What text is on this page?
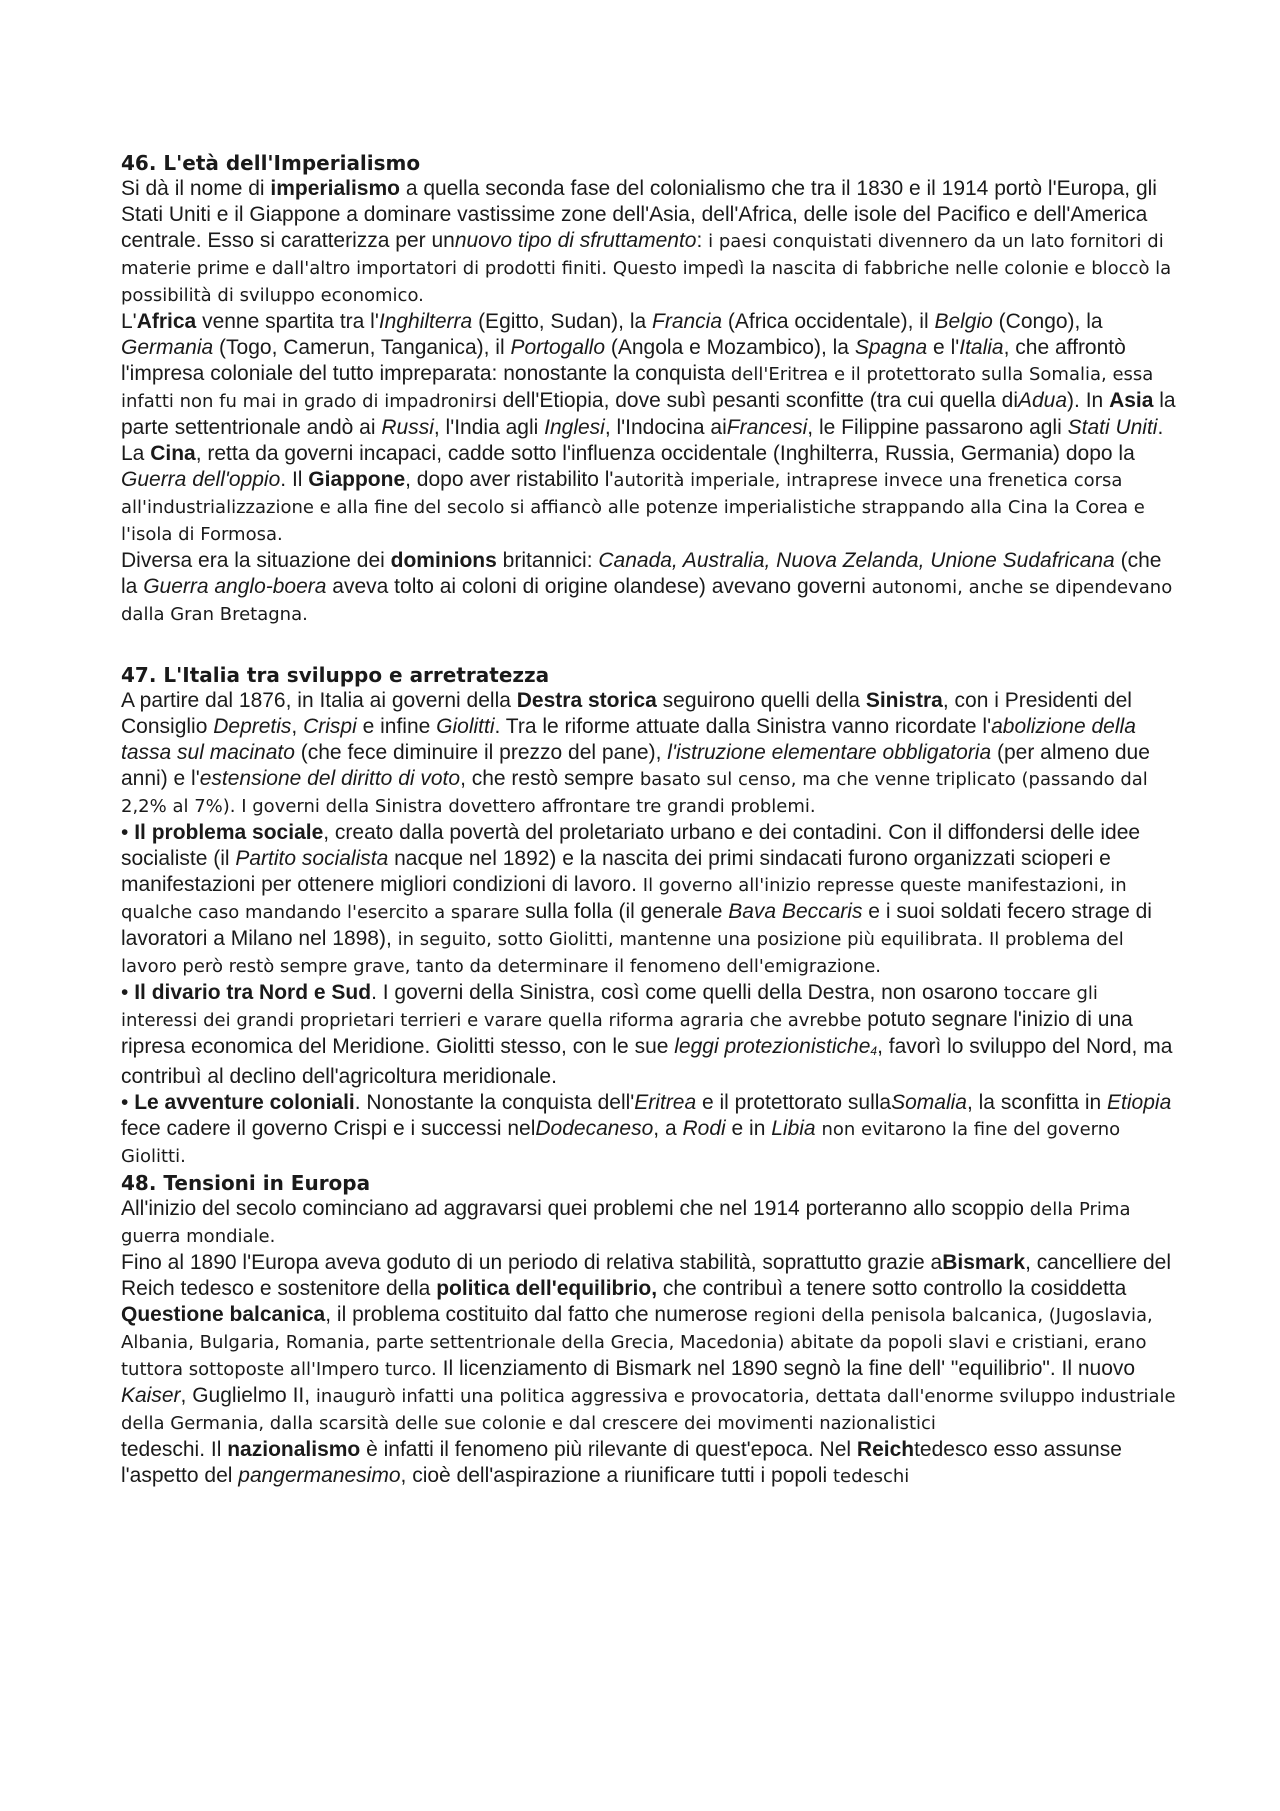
46. L'età dell'Imperialismo

Si dà il nome di imperialismo a quella seconda fase del colonialismo che tra il 1830 e il 1914 portò l'Europa, gli Stati Uniti e il Giappone a dominare vastissime zone dell'Asia, dell'Africa, delle isole del Pacifico e dell'America centrale. Esso si caratterizza per unnuovo tipo di sfruttamento: i paesi conquistati divennero da un lato fornitori di materie prime e dall'altro importatori di prodotti finiti. Questo impedì la nascita di fabbriche nelle colonie e bloccò la possibilità di sviluppo economico.

L'Africa venne spartita tra l'Inghilterra (Egitto, Sudan), la Francia (Africa occidentale), il Belgio (Congo), la Germania (Togo, Camerun, Tanganica), il Portogallo (Angola e Mozambico), la Spagna e l'Italia, che affrontò l'impresa coloniale del tutto impreparata: nonostante la conquista dell'Eritrea e il protettorato sulla Somalia, essa infatti non fu mai in grado di impadronirsi dell'Etiopia, dove subì pesanti sconfitte (tra cui quella diAdua). In Asia la parte settentrionale andò ai Russi, l'India agli Inglesi, l'Indocina aiFrancesi, le Filippine passarono agli Stati Uniti. La Cina, retta da governi incapaci, cadde sotto l'influenza occidentale (Inghilterra, Russia, Germania) dopo la Guerra dell'oppio. Il Giappone, dopo aver ristabilito l'autorità imperiale, intraprese invece una frenetica corsa all'industrializzazione e alla fine del secolo si affiancò alle potenze imperialistiche strappando alla Cina la Corea e l'isola di Formosa.

Diversa era la situazione dei dominions britannici: Canada, Australia, Nuova Zelanda, Unione Sudafricana (che la Guerra anglo-boera aveva tolto ai coloni di origine olandese) avevano governi autonomi, anche se dipendevano dalla Gran Bretagna.

47. L'Italia tra sviluppo e arretratezza

A partire dal 1876, in Italia ai governi della Destra storica seguirono quelli della Sinistra, con i Presidenti del Consiglio Depretis, Crispi e infine Giolitti. Tra le riforme attuate dalla Sinistra vanno ricordate l'abolizione della tassa sul macinato (che fece diminuire il prezzo del pane), l'istruzione elementare obbligatoria (per almeno due anni) e l'estensione del diritto di voto, che restò sempre basato sul censo, ma che venne triplicato (passando dal 2,2% al 7%). I governi della Sinistra dovettero affrontare tre grandi problemi.

• Il problema sociale, creato dalla povertà del proletariato urbano e dei contadini. Con il diffondersi delle idee socialiste (il Partito socialista nacque nel 1892) e la nascita dei primi sindacati furono organizzati scioperi e manifestazioni per ottenere migliori condizioni di lavoro. Il governo all'inizio represse queste manifestazioni, in qualche caso mandando l'esercito a sparare sulla folla (il generale Bava Beccaris e i suoi soldati fecero strage di lavoratori a Milano nel 1898), in seguito, sotto Giolitti, mantenne una posizione più equilibrata. Il problema del lavoro però restò sempre grave, tanto da determinare il fenomeno dell'emigrazione.

• Il divario tra Nord e Sud. I governi della Sinistra, così come quelli della Destra, non osarono toccare gli interessi dei grandi proprietari terrieri e varare quella riforma agraria che avrebbe potuto segnare l'inizio di una ripresa economica del Meridione. Giolitti stesso, con le sue leggi protezionistiche$_4$, favorì lo sviluppo del Nord, ma contribuì al declino dell'agricoltura meridionale.

• Le avventure coloniali. Nonostante la conquista dell'Eritrea e il protettorato sullaSomalia, la sconfitta in Etiopia fece cadere il governo Crispi e i successi nelDodecaneso, a Rodi e in Libia non evitarono la fine del governo Giolitti.

48. Tensioni in Europa

All'inizio del secolo cominciano ad aggravarsi quei problemi che nel 1914 porteranno allo scoppio della Prima guerra mondiale.

Fino al 1890 l'Europa aveva goduto di un periodo di relativa stabilità, soprattutto grazie aBismark, cancelliere del Reich tedesco e sostenitore della politica dell'equilibrio, che contribuì a tenere sotto controllo la cosiddetta Questione balcanica, il problema costituito dal fatto che numerose regioni della penisola balcanica, (Jugoslavia, Albania, Bulgaria, Romania, parte settentrionale della Grecia, Macedonia) abitate da popoli slavi e cristiani, erano tuttora sottoposte all'Impero turco. Il licenziamento di Bismark nel 1890 segnò la fine dell' "equilibrio". Il nuovo Kaiser, Guglielmo II, inaugurò infatti una politica aggressiva e provocatoria, dettata dall'enorme sviluppo industriale della Germania, dalla scarsità delle sue colonie e dal crescere dei movimenti nazionalistici

tedeschi. Il nazionalismo è infatti il fenomeno più rilevante di quest'epoca. Nel Reichtedesco esso assunse l'aspetto del pangermanesimo, cioè dell'aspirazione a riunificare tutti i popoli tedeschi
